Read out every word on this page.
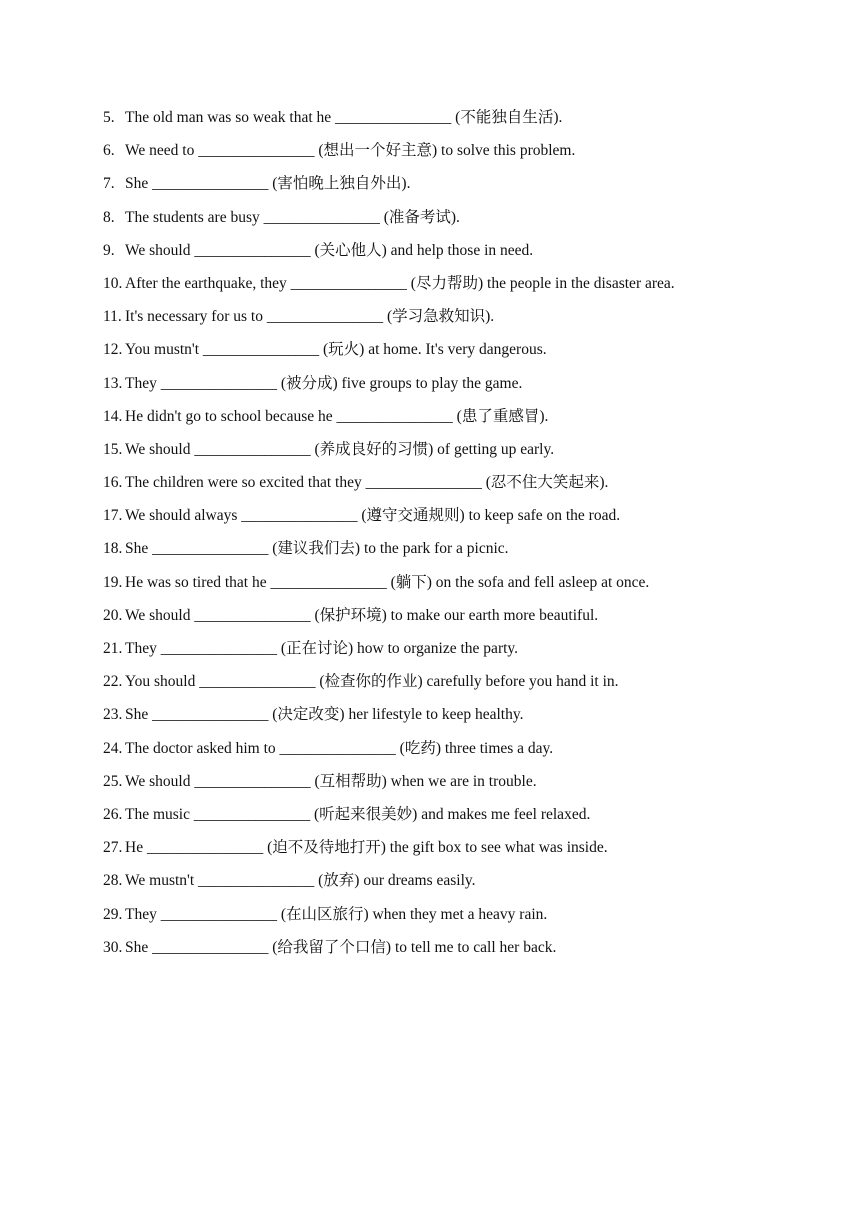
5. The old man was so weak that he _______________ (不能独自生活).
6. We need to _______________ (想出一个好主意) to solve this problem.
7. She _______________ (害怕晚上独自外出).
8. The students are busy _______________ (准备考试).
9. We should _______________ (关心他人) and help those in need.
10. After the earthquake, they _______________ (尽力帮助) the people in the disaster area.
11. It's necessary for us to _______________ (学习急救知识).
12. You mustn't _______________ (玩火) at home. It's very dangerous.
13. They _______________ (被分成) five groups to play the game.
14. He didn't go to school because he _______________ (患了重感冒).
15. We should _______________ (养成良好的习惯) of getting up early.
16. The children were so excited that they _______________ (忍不住大笑起来).
17. We should always _______________ (遵守交通规则) to keep safe on the road.
18. She _______________ (建议我们去) to the park for a picnic.
19. He was so tired that he _______________ (躺下) on the sofa and fell asleep at once.
20. We should _______________ (保护环境) to make our earth more beautiful.
21. They _______________ (正在讨论) how to organize the party.
22. You should _______________ (检查你的作业) carefully before you hand it in.
23. She _______________ (决定改变) her lifestyle to keep healthy.
24. The doctor asked him to _______________ (吃药) three times a day.
25. We should _______________ (互相帮助) when we are in trouble.
26. The music _______________ (听起来很美妙) and makes me feel relaxed.
27. He _______________ (迫不及待地打开) the gift box to see what was inside.
28. We mustn't _______________ (放弃) our dreams easily.
29. They _______________ (在山区旅行) when they met a heavy rain.
30. She _______________ (给我留了个口信) to tell me to call her back.
